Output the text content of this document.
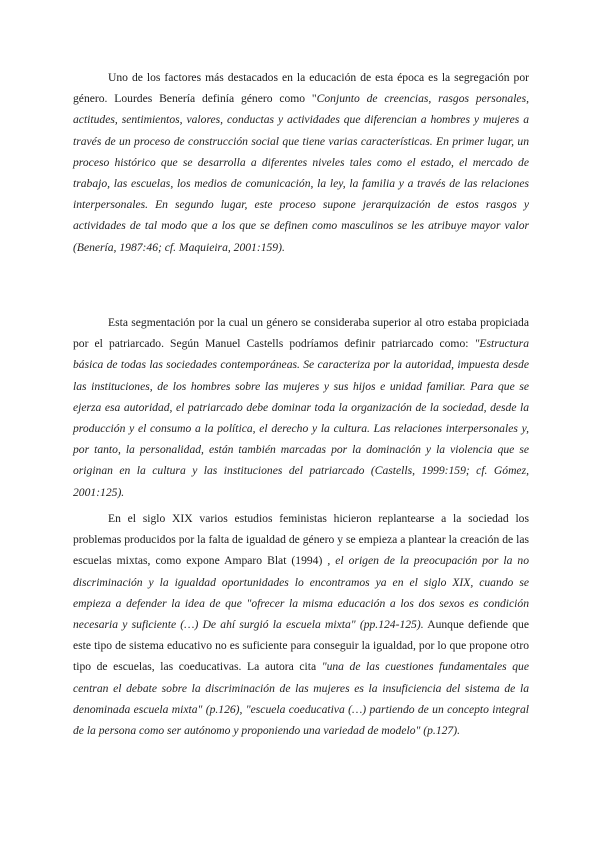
Uno de los factores más destacados en la educación de esta época es la segregación por género. Lourdes Benería definía género como "Conjunto de creencias, rasgos personales, actitudes, sentimientos, valores, conductas y actividades que diferencian a hombres y mujeres a través de un proceso de construcción social que tiene varias características. En primer lugar, un proceso histórico que se desarrolla a diferentes niveles tales como el estado, el mercado de trabajo, las escuelas, los medios de comunicación, la ley, la familia y a través de las relaciones interpersonales. En segundo lugar, este proceso supone jerarquización de estos rasgos y actividades de tal modo que a los que se definen como masculinos se les atribuye mayor valor (Benería, 1987:46; cf. Maquieira, 2001:159).

Esta segmentación por la cual un género se consideraba superior al otro estaba propiciada por el patriarcado. Según Manuel Castells podríamos definir patriarcado como: "Estructura básica de todas las sociedades contemporáneas. Se caracteriza por la autoridad, impuesta desde las instituciones, de los hombres sobre las mujeres y sus hijos e unidad familiar. Para que se ejerza esa autoridad, el patriarcado debe dominar toda la organización de la sociedad, desde la producción y el consumo a la política, el derecho y la cultura. Las relaciones interpersonales y, por tanto, la personalidad, están también marcadas por la dominación y la violencia que se originan en la cultura y las instituciones del patriarcado (Castells, 1999:159; cf. Gómez, 2001:125).

En el siglo XIX varios estudios feministas hicieron replantearse a la sociedad los problemas producidos por la falta de igualdad de género y se empieza a plantear la creación de las escuelas mixtas, como expone Amparo Blat (1994) , el origen de la preocupación por la no discriminación y la igualdad oportunidades lo encontramos ya en el siglo XIX, cuando se empieza a defender la idea de que "ofrecer la misma educación a los dos sexos es condición necesaria y suficiente (…) De ahí surgió la escuela mixta" (pp.124-125). Aunque defiende que este tipo de sistema educativo no es suficiente para conseguir la igualdad, por lo que propone otro tipo de escuelas, las coeducativas. La autora cita "una de las cuestiones fundamentales que centran el debate sobre la discriminación de las mujeres es la insuficiencia del sistema de la denominada escuela mixta" (p.126), "escuela coeducativa (…) partiendo de un concepto integral de la persona como ser autónomo y proponiendo una variedad de modelo" (p.127).
